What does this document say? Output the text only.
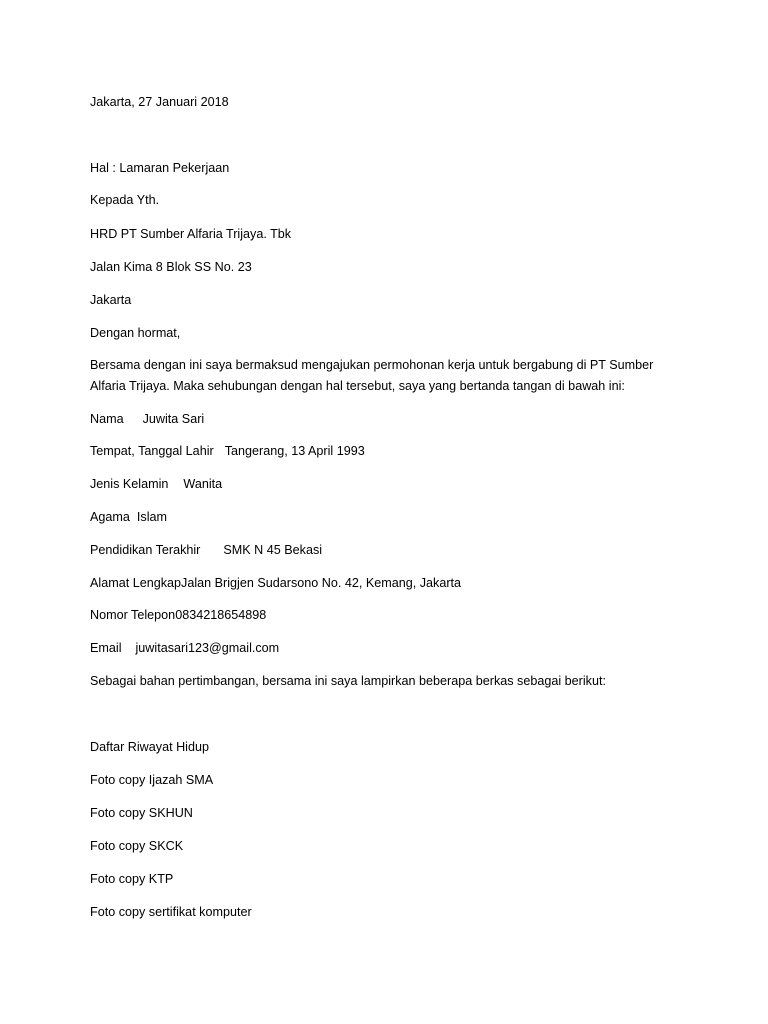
Jakarta, 27 Januari 2018
Hal : Lamaran Pekerjaan
Kepada Yth.
HRD PT Sumber Alfaria Trijaya. Tbk
Jalan Kima 8 Blok SS No. 23
Jakarta
Dengan hormat,
Bersama dengan ini saya bermaksud mengajukan permohonan kerja untuk bergabung di PT Sumber
Alfaria Trijaya. Maka sehubungan dengan hal tersebut, saya yang bertanda tangan di bawah ini:
Nama Juwita Sari
Tempat, Tanggal Lahir Tangerang, 13 April 1993
Jenis Kelamin Wanita
Agama Islam
Pendidikan Terakhir SMK N 45 Bekasi
Alamat LengkapJalan Brigjen Sudarsono No. 42, Kemang, Jakarta
Nomor Telepon0834218654898
Email juwitasari123@gmail.com
Sebagai bahan pertimbangan, bersama ini saya lampirkan beberapa berkas sebagai berikut:
Daftar Riwayat Hidup
Foto copy Ijazah SMA
Foto copy SKHUN
Foto copy SKCK
Foto copy KTP
Foto copy sertifikat komputer
